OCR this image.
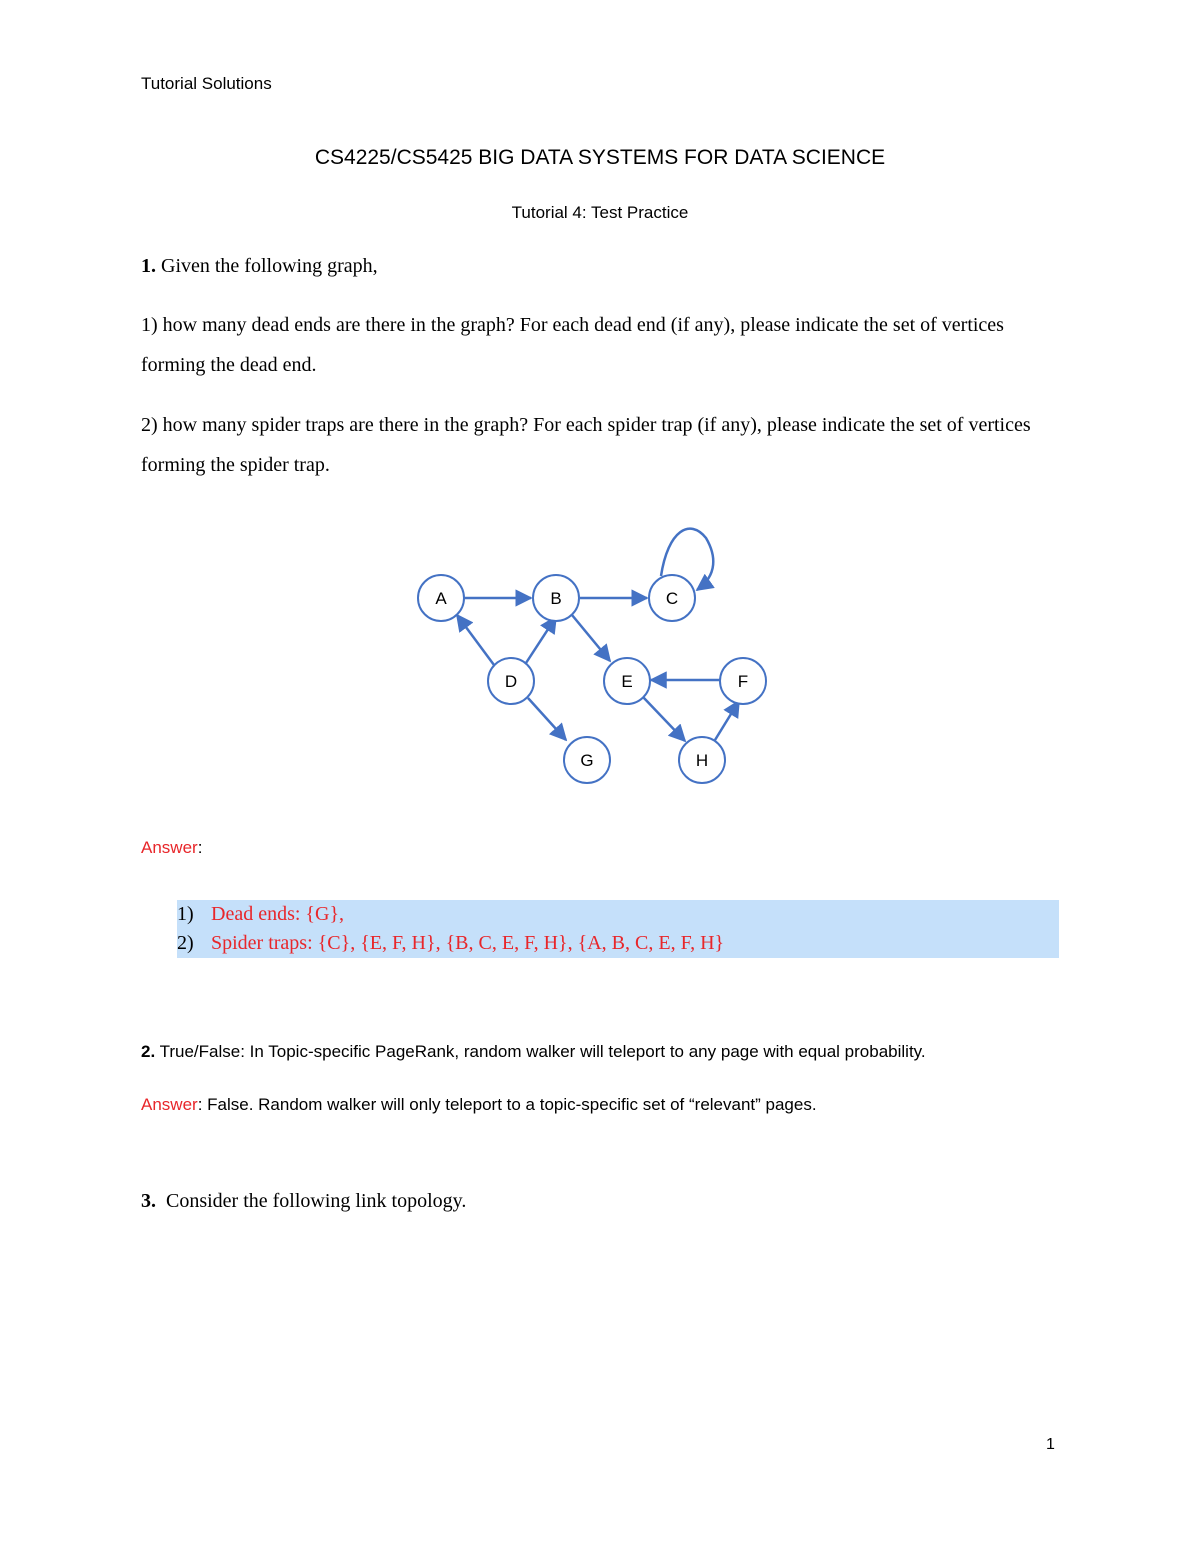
Tutorial Solutions
CS4225/CS5425 BIG DATA SYSTEMS FOR DATA SCIENCE
Tutorial 4: Test Practice
1. Given the following graph,
1) how many dead ends are there in the graph? For each dead end (if any), please indicate the set of vertices forming the dead end.
2) how many spider traps are there in the graph? For each spider trap (if any), please indicate the set of vertices forming the spider trap.
A	B	C
D	E	F
G	H
Answer:
1) Dead ends: {G},
2) Spider traps: {C}, {E, F, H}, {B, C, E, F, H}, {A, B, C, E, F, H}
2. True/False: In Topic-specific PageRank, random walker will teleport to any page with equal probability.
Answer: False. Random walker will only teleport to a topic-specific set of “relevant” pages.
3. Consider the following link topology.
1
